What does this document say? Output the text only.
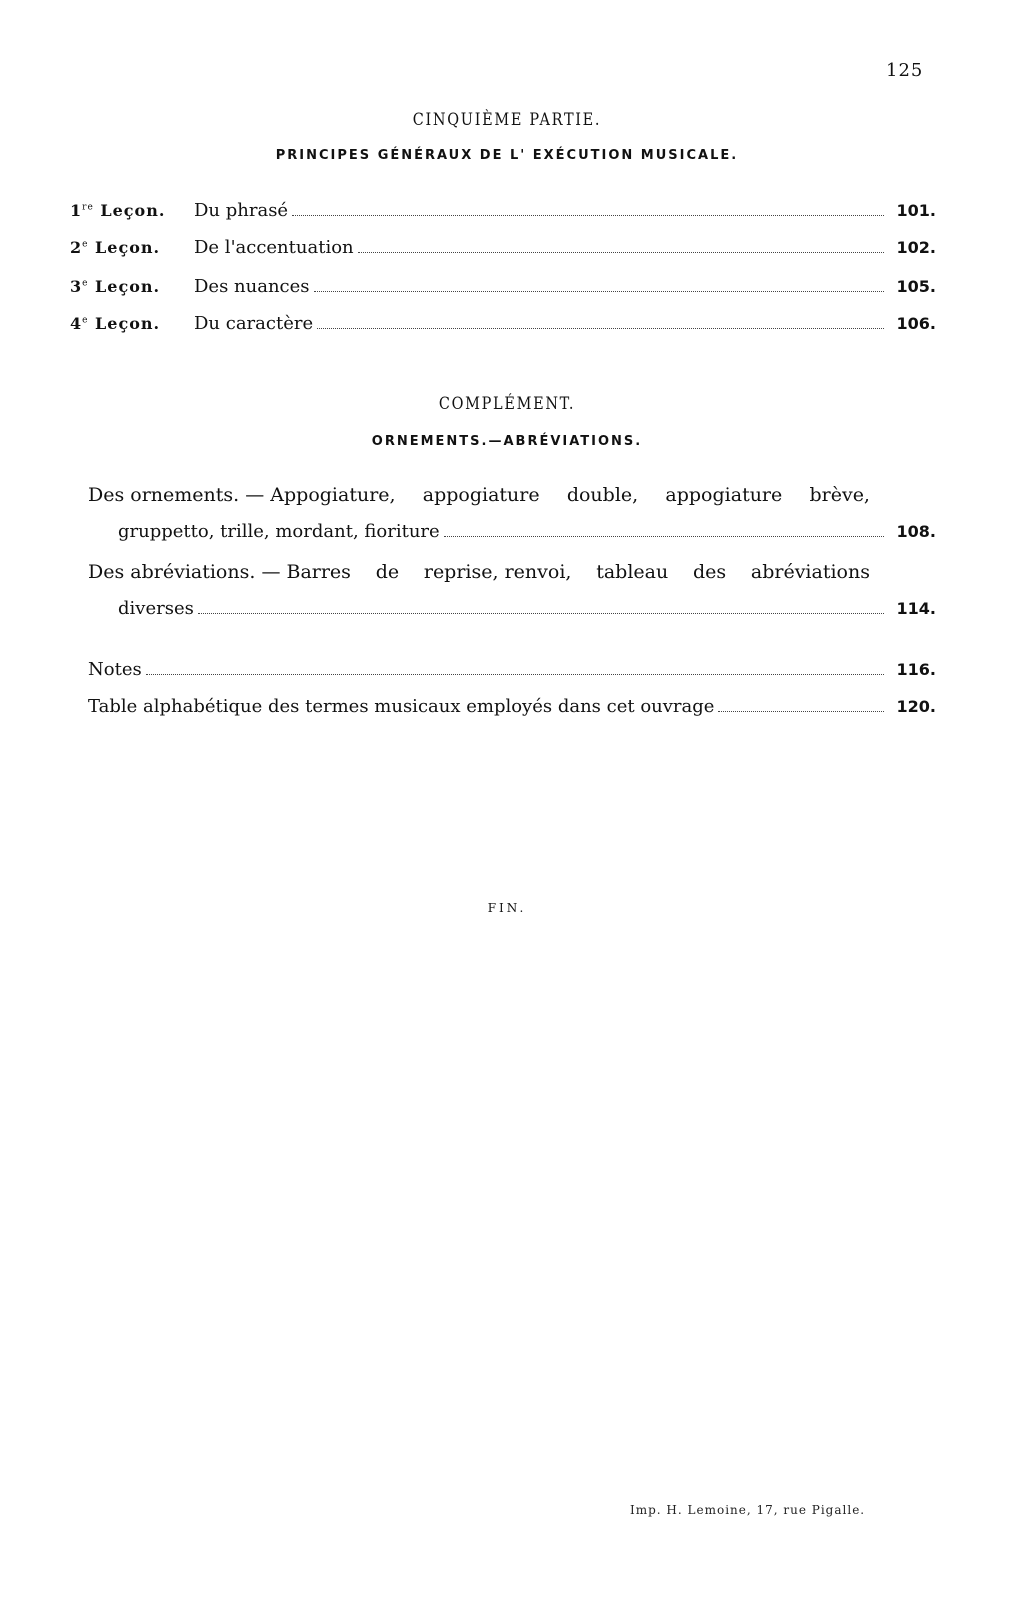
125
CINQUIÈME PARTIE.
PRINCIPES GÉNÉRAUX DE L' EXÉCUTION MUSICALE.
1re Leçon.	Du phrasé	101.
2e Leçon.	De l'accentuation	102.
3e Leçon.	Des nuances	105.
4e Leçon.	Du caractère	106.
COMPLÉMENT.
ORNEMENTS.—ABRÉVIATIONS.
Des ornements. — Appogiature, appogiature double, appogiature brève,
gruppetto, trille, mordant, fioriture	108.
Des abréviations. — Barres de reprise, renvoi, tableau des abréviations
diverses	114.
Notes	116.
Table alphabétique des termes musicaux employés dans cet ouvrage	120.
FIN.
Imp. H. Lemoine, 17, rue Pigalle.
